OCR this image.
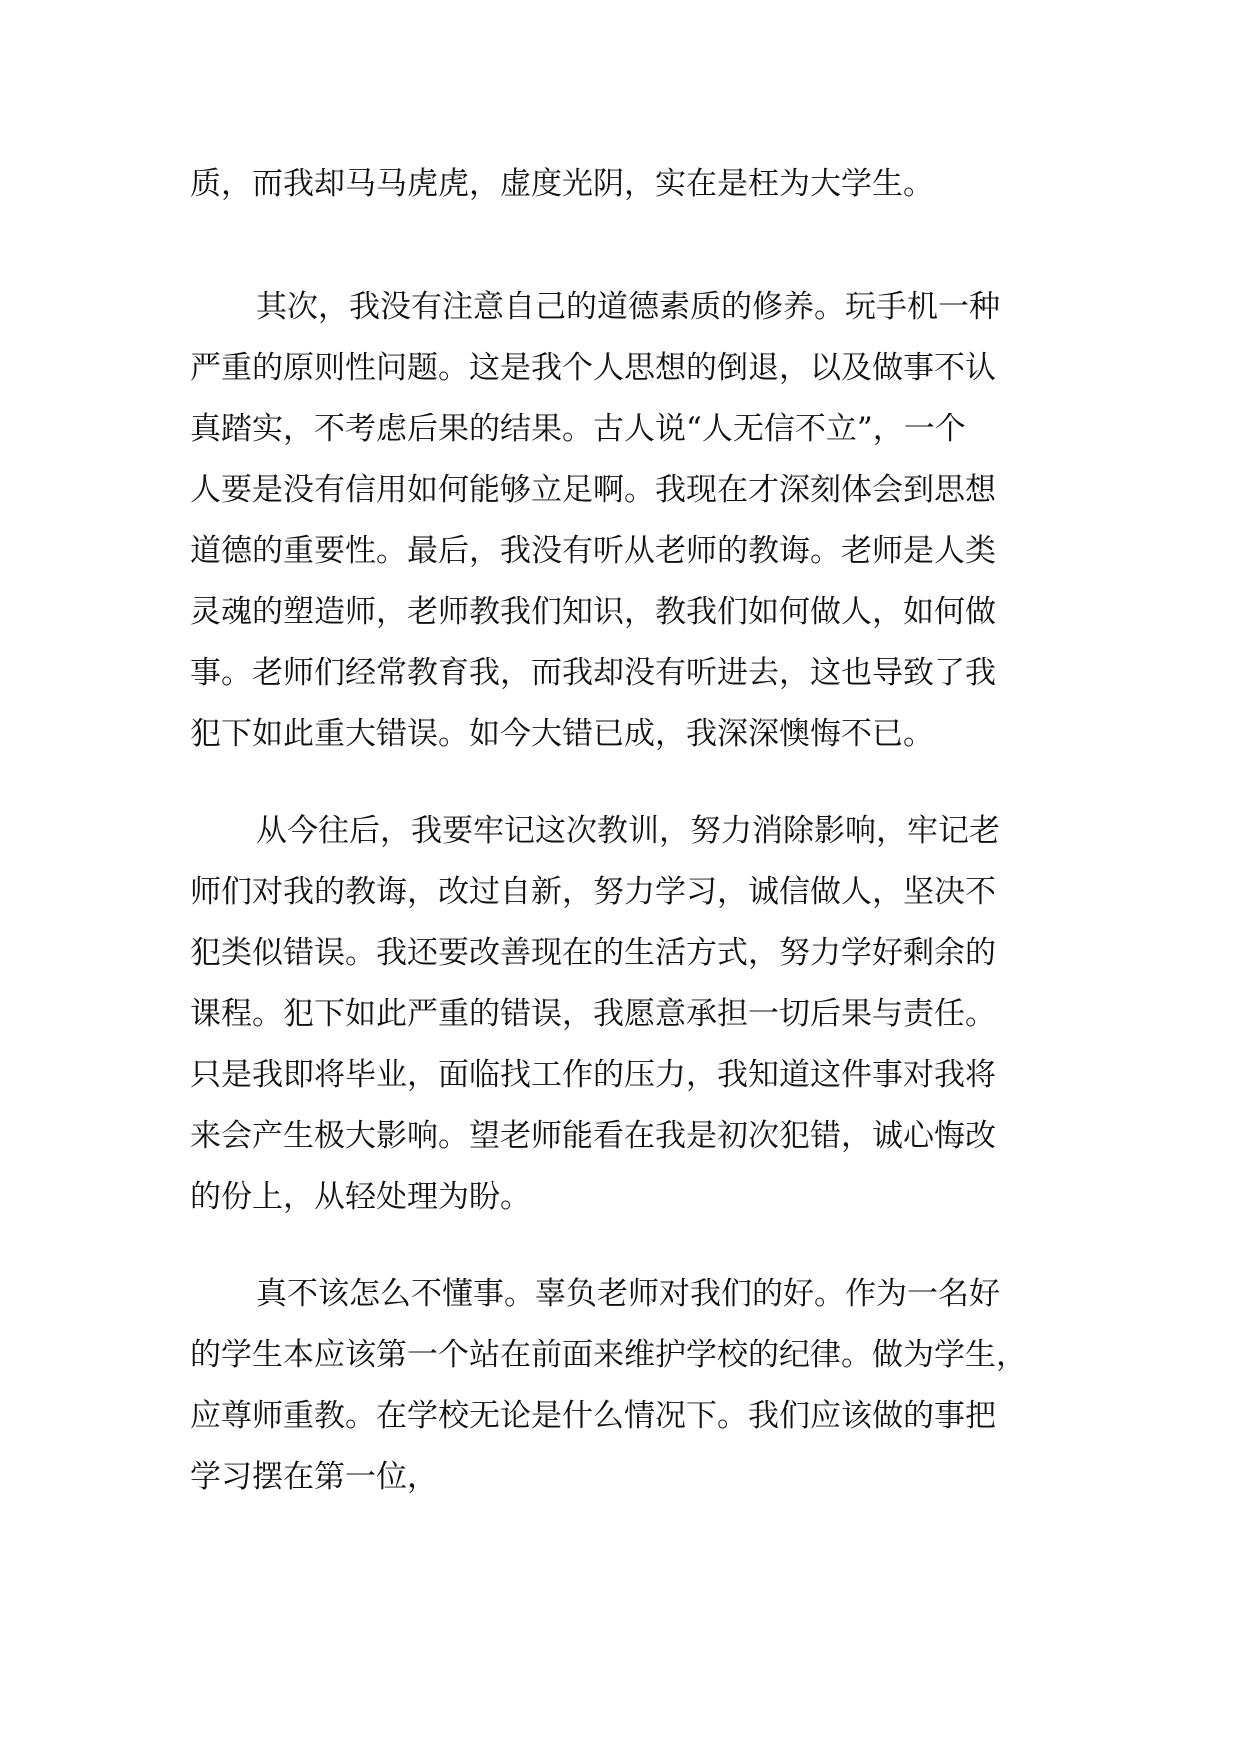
质，而我却马马虎虎，虚度光阴，实在是枉为大学生。
其次，我没有注意自己的道德素质的修养。玩手机一种
严重的原则性问题。这是我个人思想的倒退，以及做事不认
真踏实，不考虑后果的结果。古人说“人无信不立”，一个
人要是没有信用如何能够立足啊。我现在才深刻体会到思想
道德的重要性。最后，我没有听从老师的教诲。老师是人类
灵魂的塑造师，老师教我们知识，教我们如何做人，如何做
事。老师们经常教育我，而我却没有听进去，这也导致了我
犯下如此重大错误。如今大错已成，我深深懊悔不已。
从今往后，我要牢记这次教训，努力消除影响，牢记老
师们对我的教诲，改过自新，努力学习，诚信做人，坚决不
犯类似错误。我还要改善现在的生活方式，努力学好剩余的
课程。犯下如此严重的错误，我愿意承担一切后果与责任。
只是我即将毕业，面临找工作的压力，我知道这件事对我将
来会产生极大影响。望老师能看在我是初次犯错，诚心悔改
的份上，从轻处理为盼。
真不该怎么不懂事。辜负老师对我们的好。作为一名好
的学生本应该第一个站在前面来维护学校的纪律。做为学生，
应尊师重教。在学校无论是什么情况下。我们应该做的事把
学习摆在第一位，
